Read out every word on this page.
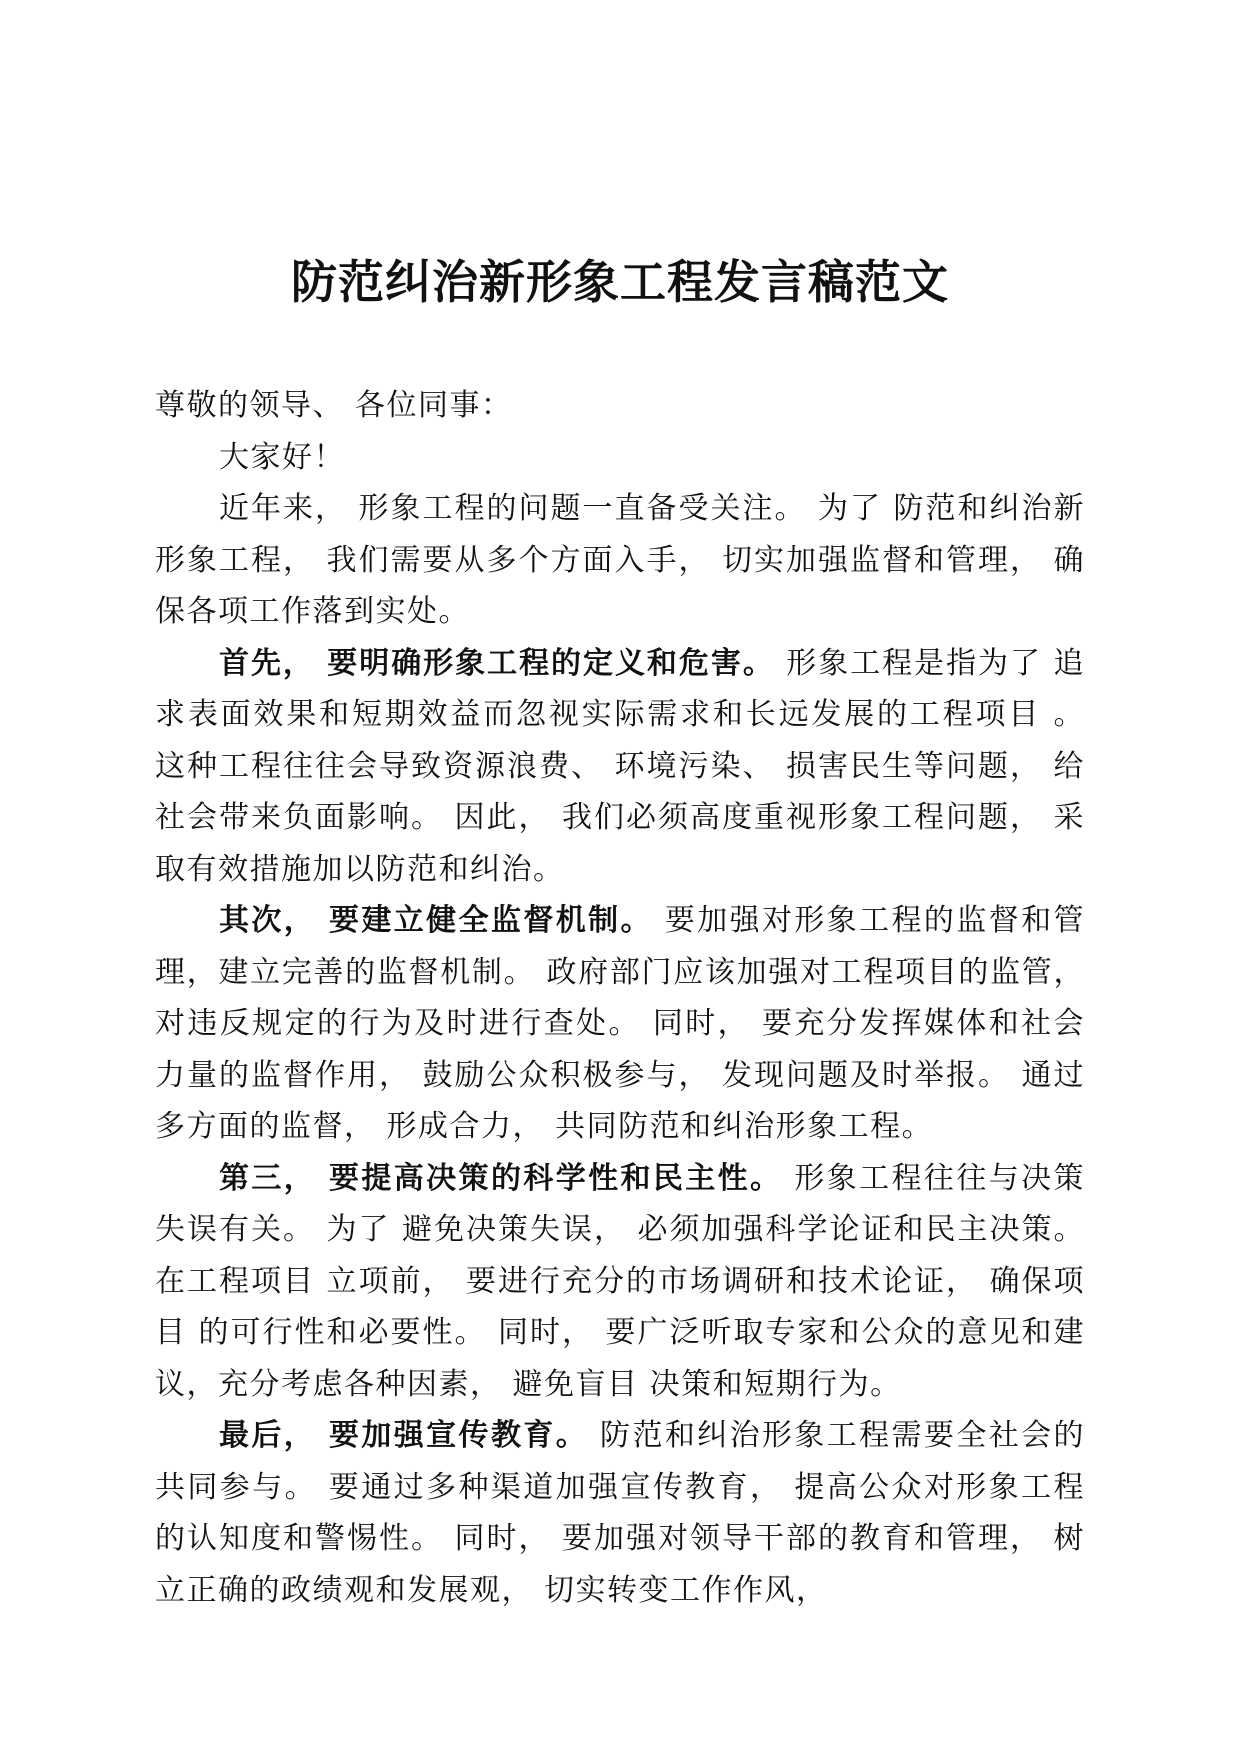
防范纠治新形象工程发言稿范文

尊敬的领导、 各位同事：

大家好！

近年来， 形象工程的问题一直备受关注。 为了 防范和纠治新形象工程， 我们需要从多个方面入手， 切实加强监督和管理， 确保各项工作落到实处。

首先， 要明确形象工程的定义和危害。 形象工程是指为了 追求表面效果和短期效益而忽视实际需求和长远发展的工程项目 。 这种工程往往会导致资源浪费、 环境污染、 损害民生等问题， 给社会带来负面影响。 因此， 我们必须高度重视形象工程问题， 采取有效措施加以防范和纠治。

其次， 要建立健全监督机制。 要加强对形象工程的监督和管理，建立完善的监督机制。 政府部门应该加强对工程项目的监管， 对违反规定的行为及时进行查处。 同时， 要充分发挥媒体和社会力量的监督作用， 鼓励公众积极参与， 发现问题及时举报。 通过多方面的监督， 形成合力， 共同防范和纠治形象工程。

第三， 要提高决策的科学性和民主性。 形象工程往往与决策失误有关。 为了 避免决策失误， 必须加强科学论证和民主决策。 在工程项目 立项前， 要进行充分的市场调研和技术论证， 确保项目 的可行性和必要性。 同时， 要广泛听取专家和公众的意见和建议，充分考虑各种因素， 避免盲目 决策和短期行为。

最后， 要加强宣传教育。 防范和纠治形象工程需要全社会的共同参与。 要通过多种渠道加强宣传教育， 提高公众对形象工程的认知度和警惕性。 同时， 要加强对领导干部的教育和管理， 树立正确的政绩观和发展观， 切实转变工作作风，
